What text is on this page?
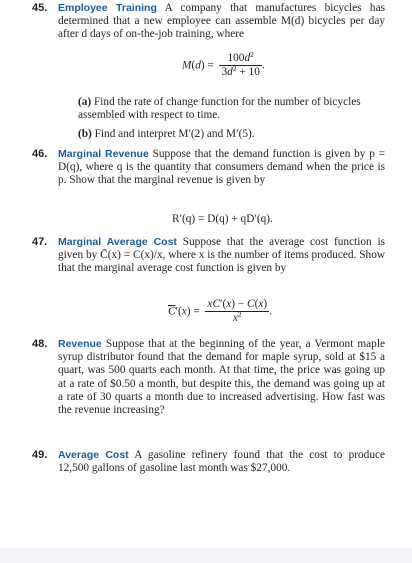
45. Employee Training A company that manufactures bicycles has determined that a new employee can assemble M(d) bicycles per day after d days of on-the-job training, where
$M(d) = \frac{100d^2}{3d^2 + 10}$ .
(a) Find the rate of change function for the number of bicycles assembled with respect to time.
(b) Find and interpret M′(2) and M′(5).
46. Marginal Revenue Suppose that the demand function is given by p = D(q), where q is the quantity that consumers demand when the price is p. Show that the marginal revenue is given by
R′(q) = D(q) + qD′(q).
47. Marginal Average Cost Suppose that the average cost function is given by C̄(x) = C(x)/x, where x is the number of items produced. Show that the marginal average cost function is given by
$\overline{C}'(x) = \frac{xC'(x) - C(x)}{x^2}$ .
48. Revenue Suppose that at the beginning of the year, a Vermont maple syrup distributor found that the demand for maple syrup, sold at $15 a quart, was 500 quarts each month. At that time, the price was going up at a rate of $0.50 a month, but despite this, the demand was going up at a rate of 30 quarts a month due to increased advertising. How fast was the revenue increasing?
49. Average Cost A gasoline refinery found that the cost to produce 12,500 gallons of gasoline last month was $27,000.
